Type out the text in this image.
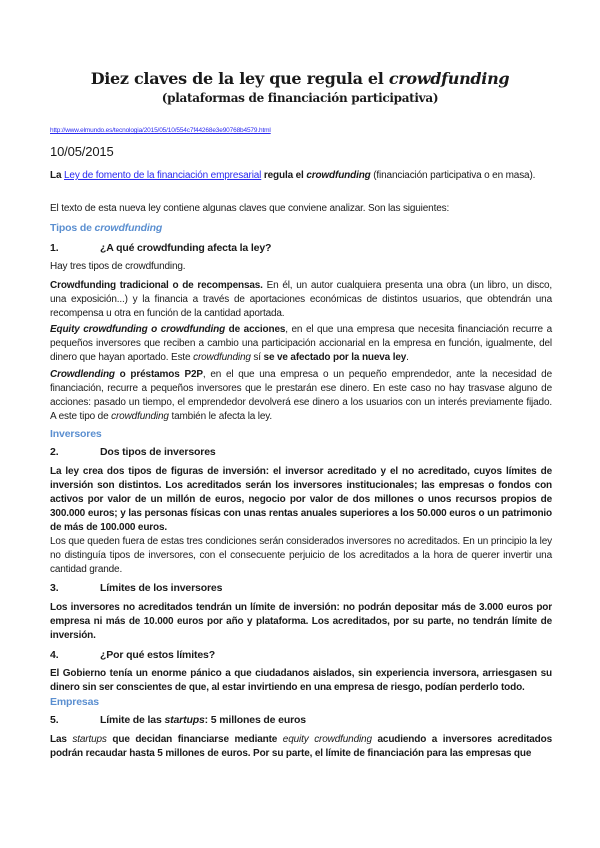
Diez claves de la ley que regula el crowdfunding
(plataformas de financiación participativa)
http://www.elmundo.es/tecnologia/2015/05/10/554c7f44268e3e90768b4579.html
10/05/2015
La Ley de fomento de la financiación empresarial regula el crowdfunding (financiación participativa o en masa).
El texto de esta nueva ley contiene algunas claves que conviene analizar. Son las siguientes:
Tipos de crowdfunding
1.	¿A qué crowdfunding afecta la ley?
Hay tres tipos de crowdfunding.
Crowdfunding tradicional o de recompensas. En él, un autor cualquiera presenta una obra (un libro, un disco, una exposición...) y la financia a través de aportaciones económicas de distintos usuarios, que obtendrán una recompensa u otra en función de la cantidad aportada.
Equity crowdfunding o crowdfunding de acciones, en el que una empresa que necesita financiación recurre a pequeños inversores que reciben a cambio una participación accionarial en la empresa en función, igualmente, del dinero que hayan aportado. Este crowdfunding sí se ve afectado por la nueva ley.
Crowdlending o préstamos P2P, en el que una empresa o un pequeño emprendedor, ante la necesidad de financiación, recurre a pequeños inversores que le prestarán ese dinero. En este caso no hay trasvase alguno de acciones: pasado un tiempo, el emprendedor devolverá ese dinero a los usuarios con un interés previamente fijado. A este tipo de crowdfunding también le afecta la ley.
Inversores
2.	Dos tipos de inversores
La ley crea dos tipos de figuras de inversión: el inversor acreditado y el no acreditado, cuyos límites de inversión son distintos. Los acreditados serán los inversores institucionales; las empresas o fondos con activos por valor de un millón de euros, negocio por valor de dos millones o unos recursos propios de 300.000 euros; y las personas físicas con unas rentas anuales superiores a los 50.000 euros o un patrimonio de más de 100.000 euros.
Los que queden fuera de estas tres condiciones serán considerados inversores no acreditados. En un principio la ley no distinguía tipos de inversores, con el consecuente perjuicio de los acreditados a la hora de querer invertir una cantidad grande.
3.	Límites de los inversores
Los inversores no acreditados tendrán un límite de inversión: no podrán depositar más de 3.000 euros por empresa ni más de 10.000 euros por año y plataforma. Los acreditados, por su parte, no tendrán límite de inversión.
4.	¿Por qué estos límites?
El Gobierno tenía un enorme pánico a que ciudadanos aislados, sin experiencia inversora, arriesgasen su dinero sin ser conscientes de que, al estar invirtiendo en una empresa de riesgo, podían perderlo todo.
Empresas
5.	Límite de las startups: 5 millones de euros
Las startups que decidan financiarse mediante equity crowdfunding acudiendo a inversores acreditados podrán recaudar hasta 5 millones de euros. Por su parte, el límite de financiación para las empresas que
